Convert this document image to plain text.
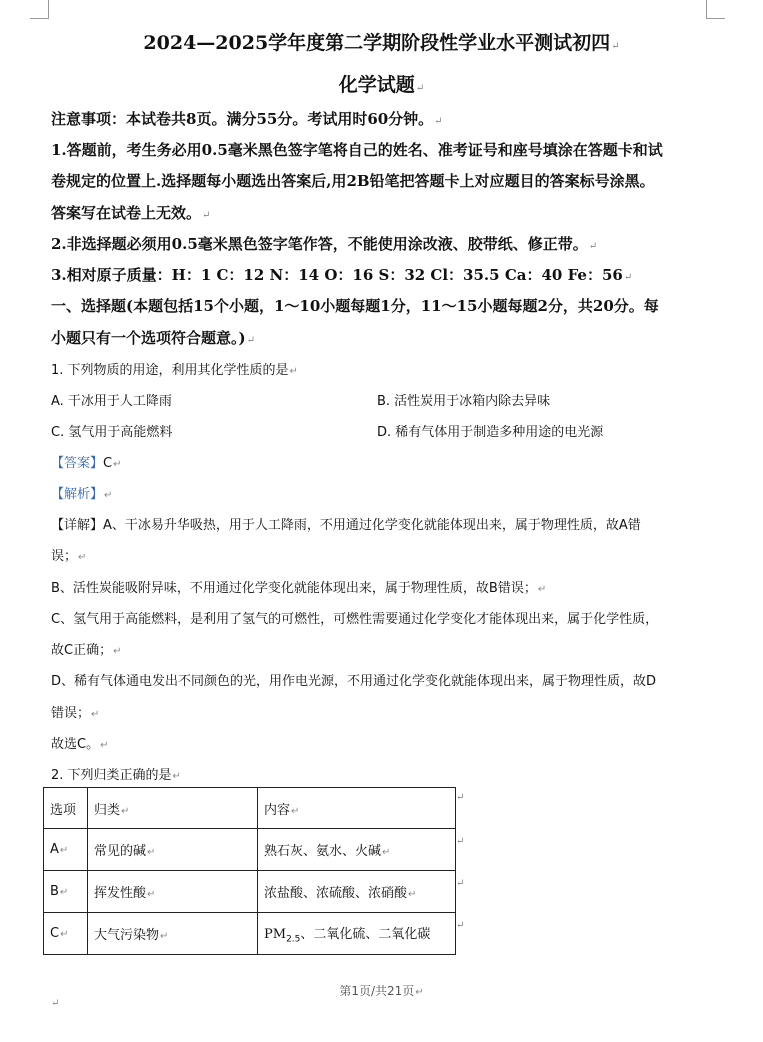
2024—2025学年度第二学期阶段性学业水平测试初四↵
化学试题↵
注意事项：本试卷共8页。满分55分。考试用时60分钟。↵
1.答题前，考生务必用0.5毫米黑色签字笔将自己的姓名、准考证号和座号填涂在答题卡和试
卷规定的位置上.选择题每小题选出答案后,用2B铅笔把答题卡上对应题目的答案标号涂黑。
答案写在试卷上无效。↵
2.非选择题必须用0.5毫米黑色签字笔作答，不能使用涂改液、胶带纸、修正带。↵
3.相对原子质量：H：1 C：12 N：14 O：16 S：32 Cl：35.5 Ca：40 Fe：56↵
一、选择题(本题包括15个小题，1～10小题每题1分，11～15小题每题2分，共20分。每
小题只有一个选项符合题意。)↵
1. 下列物质的用途，利用其化学性质的是↵
A. 干冰用于人工降雨	B. 活性炭用于冰箱内除去异味
C. 氢气用于高能燃料	D. 稀有气体用于制造多种用途的电光源
【答案】C↵
【解析】↵
【详解】A、干冰易升华吸热，用于人工降雨，不用通过化学变化就能体现出来，属于物理性质，故A错
误；↵
B、活性炭能吸附异味，不用通过化学变化就能体现出来，属于物理性质，故B错误；↵
C、氢气用于高能燃料，是利用了氢气的可燃性，可燃性需要通过化学变化才能体现出来，属于化学性质，
故C正确；↵
D、稀有气体通电发出不同颜色的光，用作电光源，不用通过化学变化就能体现出来，属于物理性质，故D
错误；↵
故选C。↵
2. 下列归类正确的是↵
选项	归类↵	内容↵
A↵	常见的碱↵	熟石灰、氨水、火碱↵
B↵	挥发性酸↵	浓盐酸、浓硫酸、浓硝酸↵
C↵	大气污染物↵	$PM_{2.5}$、二氧化硫、二氧化碳
↵
↵
↵
↵
第1页/共21页↵
↵
